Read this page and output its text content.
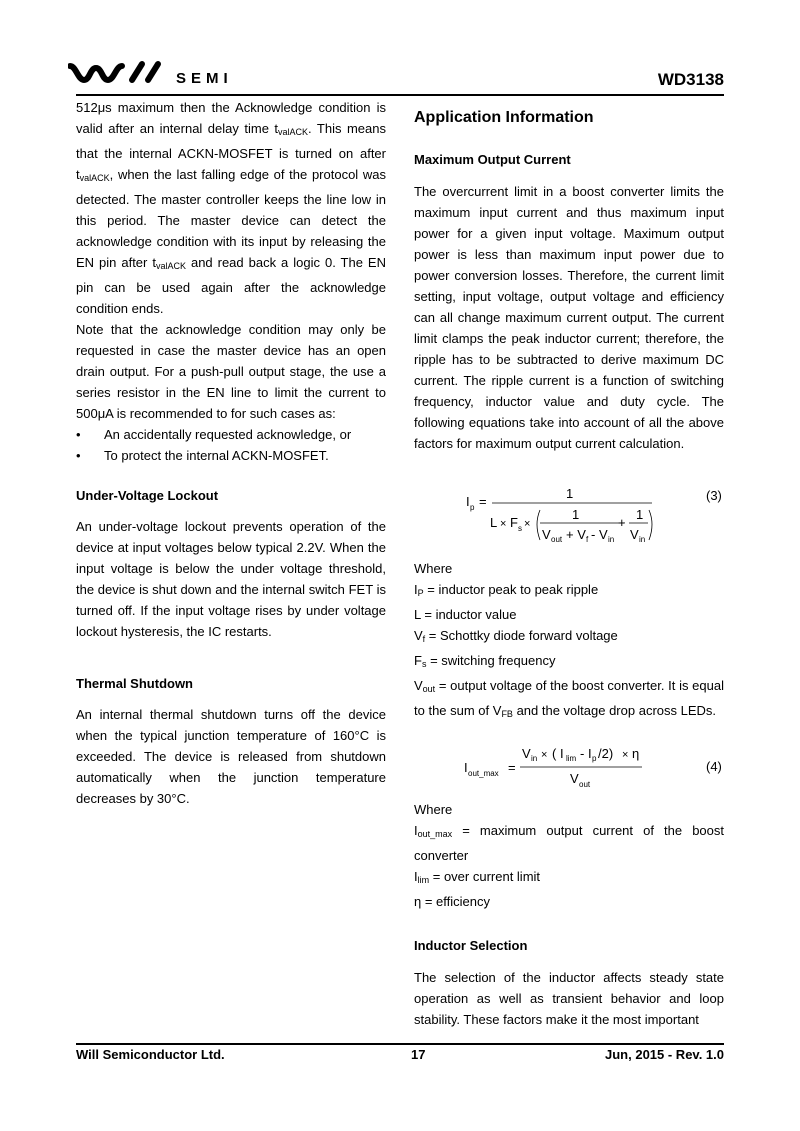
SEMI	WD3138

512μs maximum then the Acknowledge condition is valid after an internal delay time $t_{valACK}$. This means that the internal ACKN-MOSFET is turned on after $t_{valACK}$, when the last falling edge of the protocol was detected. The master controller keeps the line low in this period. The master device can detect the acknowledge condition with its input by releasing the EN pin after $t_{valACK}$ and read back a logic 0. The EN pin can be used again after the acknowledge condition ends.

Note that the acknowledge condition may only be requested in case the master device has an open drain output. For a push-pull output stage, the use a series resistor in the EN line to limit the current to 500μA is recommended to for such cases as:

• An accidentally requested acknowledge, or
• To protect the internal ACKN-MOSFET.

Under-Voltage Lockout

An under-voltage lockout prevents operation of the device at input voltages below typical 2.2V. When the input voltage is below the under voltage threshold, the device is shut down and the internal switch FET is turned off. If the input voltage rises by under voltage lockout hysteresis, the IC restarts.

Thermal Shutdown

An internal thermal shutdown turns off the device when the typical junction temperature of 160°C is exceeded. The device is released from shutdown automatically when the junction temperature decreases by 30°C.

Application Information

Maximum Output Current

The overcurrent limit in a boost converter limits the maximum input current and thus maximum input power for a given input voltage. Maximum output power is less than maximum input power due to power conversion losses. Therefore, the current limit setting, input voltage, output voltage and efficiency can all change maximum current output. The current limit clamps the peak inductor current; therefore, the ripple has to be subtracted to derive maximum DC current. The ripple current is a function of switching frequency, inductor value and duty cycle. The following equations take into account of all the above factors for maximum output current calculation.

I p =
1
L × F s ×
1
V out + V f - V in
+
1
V in
(3)

Where

$I_P$ = inductor peak to peak ripple

L = inductor value

$V_f$ = Schottky diode forward voltage

$F_s$ = switching frequency

$V_{out}$ = output voltage of the boost converter. It is equal to the sum of $V_{FB}$ and the voltage drop across LEDs.

I out_max =
V in × ( I lim - I p /2) × η
V out
(4)

Where

$I_{out\_max}$ = maximum output current of the boost converter

$I_{lim}$ = over current limit

η = efficiency

Inductor Selection

The selection of the inductor affects steady state operation as well as transient behavior and loop stability. These factors make it the most important

Will Semiconductor Ltd.	17	Jun, 2015 - Rev. 1.0
